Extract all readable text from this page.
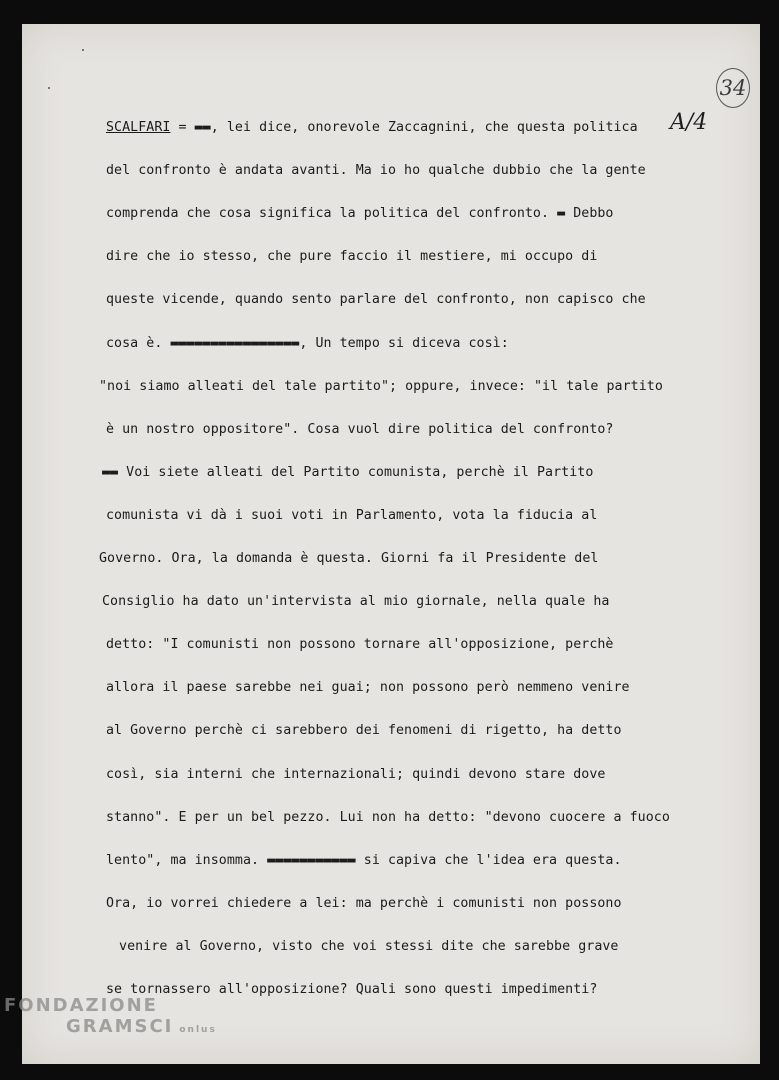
34
A/4
SCALFARI = ▬▬, lei dice, onorevole Zaccagnini, che questa politica
del confronto è andata avanti. Ma io ho qualche dubbio che la gente
comprenda che cosa significa la politica del confronto. ▬ Debbo
dire che io stesso, che pure faccio il mestiere, mi occupo di
queste vicende, quando sento parlare del confronto, non capisco che
cosa è. ▬▬▬▬▬▬▬▬▬▬▬▬▬▬▬▬, Un tempo si diceva così:
"noi siamo alleati del tale partito"; oppure, invece: "il tale partito
è un nostro oppositore". Cosa vuol dire politica del confronto?
▬▬ Voi siete alleati del Partito comunista, perchè il Partito
comunista vi dà i suoi voti in Parlamento, vota la fiducia al
Governo. Ora, la domanda è questa. Giorni fa il Presidente del
Consiglio ha dato un'intervista al mio giornale, nella quale ha
detto: "I comunisti non possono tornare all'opposizione, perchè
allora il paese sarebbe nei guai; non possono però nemmeno venire
al Governo perchè ci sarebbero dei fenomeni di rigetto, ha detto
così, sia interni che internazionali; quindi devono stare dove
stanno". E per un bel pezzo. Lui non ha detto: "devono cuocere a fuoco
lento", ma insomma. ▬▬▬▬▬▬▬▬▬▬▬ si capiva che l'idea era questa.
Ora, io vorrei chiedere a lei: ma perchè i comunisti non possono
venire al Governo, visto che voi stessi dite che sarebbe grave
se tornassero all'opposizione? Quali sono questi impedimenti?
FONDAZIONE
GRAMSCI onlus
